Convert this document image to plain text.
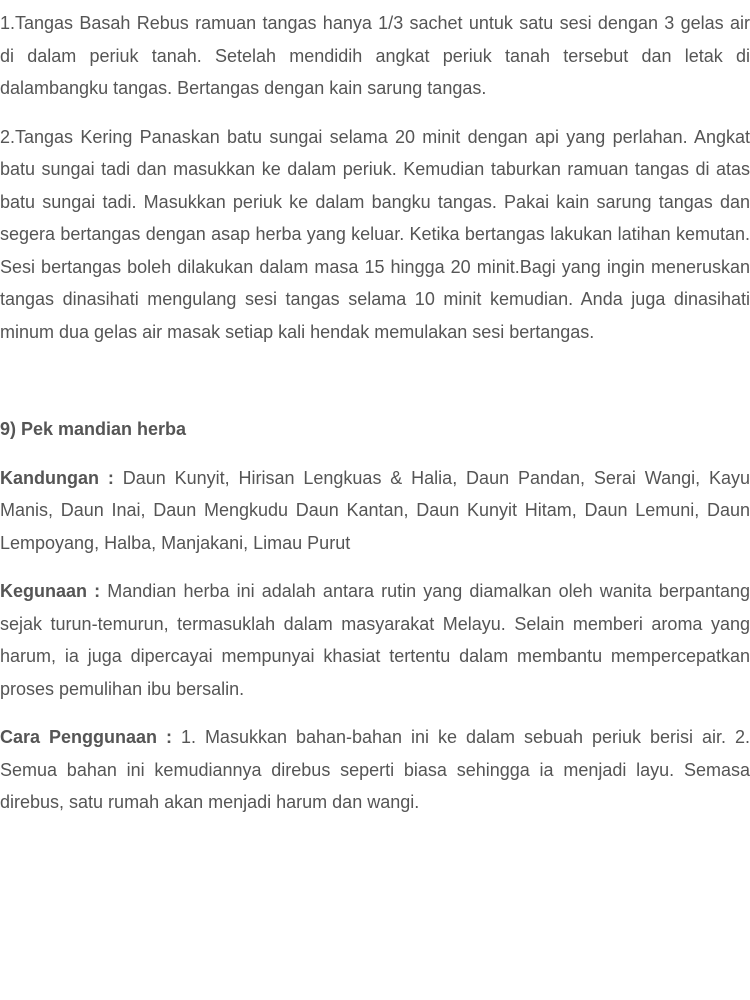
1.Tangas Basah Rebus ramuan tangas hanya 1/3 sachet untuk satu sesi dengan 3 gelas air di dalam periuk tanah. Setelah mendidih angkat periuk tanah tersebut dan letak di dalambangku tangas. Bertangas dengan kain sarung tangas.

2.Tangas Kering Panaskan batu sungai selama 20 minit dengan api yang perlahan. Angkat batu sungai tadi dan masukkan ke dalam periuk. Kemudian taburkan ramuan tangas di atas batu sungai tadi. Masukkan periuk ke dalam bangku tangas. Pakai kain sarung tangas dan segera bertangas dengan asap herba yang keluar. Ketika bertangas lakukan latihan kemutan. Sesi bertangas boleh dilakukan dalam masa 15 hingga 20 minit.Bagi yang ingin meneruskan tangas dinasihati mengulang sesi tangas selama 10 minit kemudian. Anda juga dinasihati minum dua gelas air masak setiap kali hendak memulakan sesi bertangas.

9) Pek mandian herba

Kandungan : Daun Kunyit, Hirisan Lengkuas & Halia, Daun Pandan, Serai Wangi, Kayu Manis, Daun Inai, Daun Mengkudu Daun Kantan, Daun Kunyit Hitam, Daun Lemuni, Daun Lempoyang, Halba, Manjakani, Limau Purut

Kegunaan : Mandian herba ini adalah antara rutin yang diamalkan oleh wanita berpantang sejak turun-temurun, termasuklah dalam masyarakat Melayu. Selain memberi aroma yang harum, ia juga dipercayai mempunyai khasiat tertentu dalam membantu mempercepatkan proses pemulihan ibu bersalin.

Cara Penggunaan : 1. Masukkan bahan-bahan ini ke dalam sebuah periuk berisi air. 2. Semua bahan ini kemudiannya direbus seperti biasa sehingga ia menjadi layu. Semasa direbus, satu rumah akan menjadi harum dan wangi.
